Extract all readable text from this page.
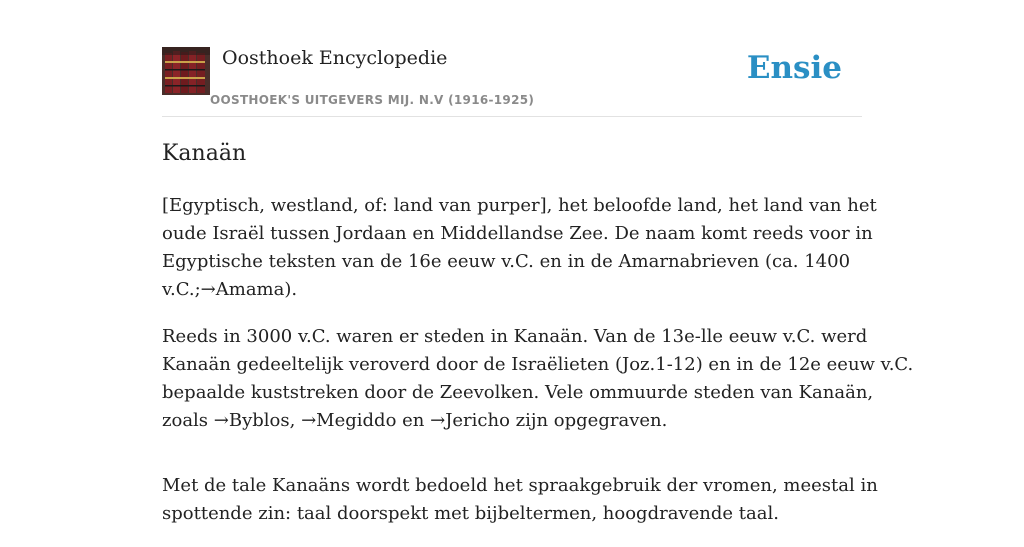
Oosthoek Encyclopedie
OOSTHOEK'S UITGEVERS MIJ. N.V (1916-1925)
Ensie
Kanaän

[Egyptisch, westland, of: land van purper], het beloofde land, het land van het
oude Israël tussen Jordaan en Middellandse Zee. De naam komt reeds voor in
Egyptische teksten van de 16e eeuw v.C. en in de Amarnabrieven (ca. 1400
v.C.;→Amama).

Reeds in 3000 v.C. waren er steden in Kanaän. Van de 13e-lle eeuw v.C. werd
Kanaän gedeeltelijk veroverd door de Israëlieten (Joz.1-12) en in de 12e eeuw v.C.
bepaalde kuststreken door de Zeevolken. Vele ommuurde steden van Kanaän,
zoals →Byblos, →Megiddo en →Jericho zijn opgegraven.

Met de tale Kanaäns wordt bedoeld het spraakgebruik der vromen, meestal in
spottende zin: taal doorspekt met bijbeltermen, hoogdravende taal.
